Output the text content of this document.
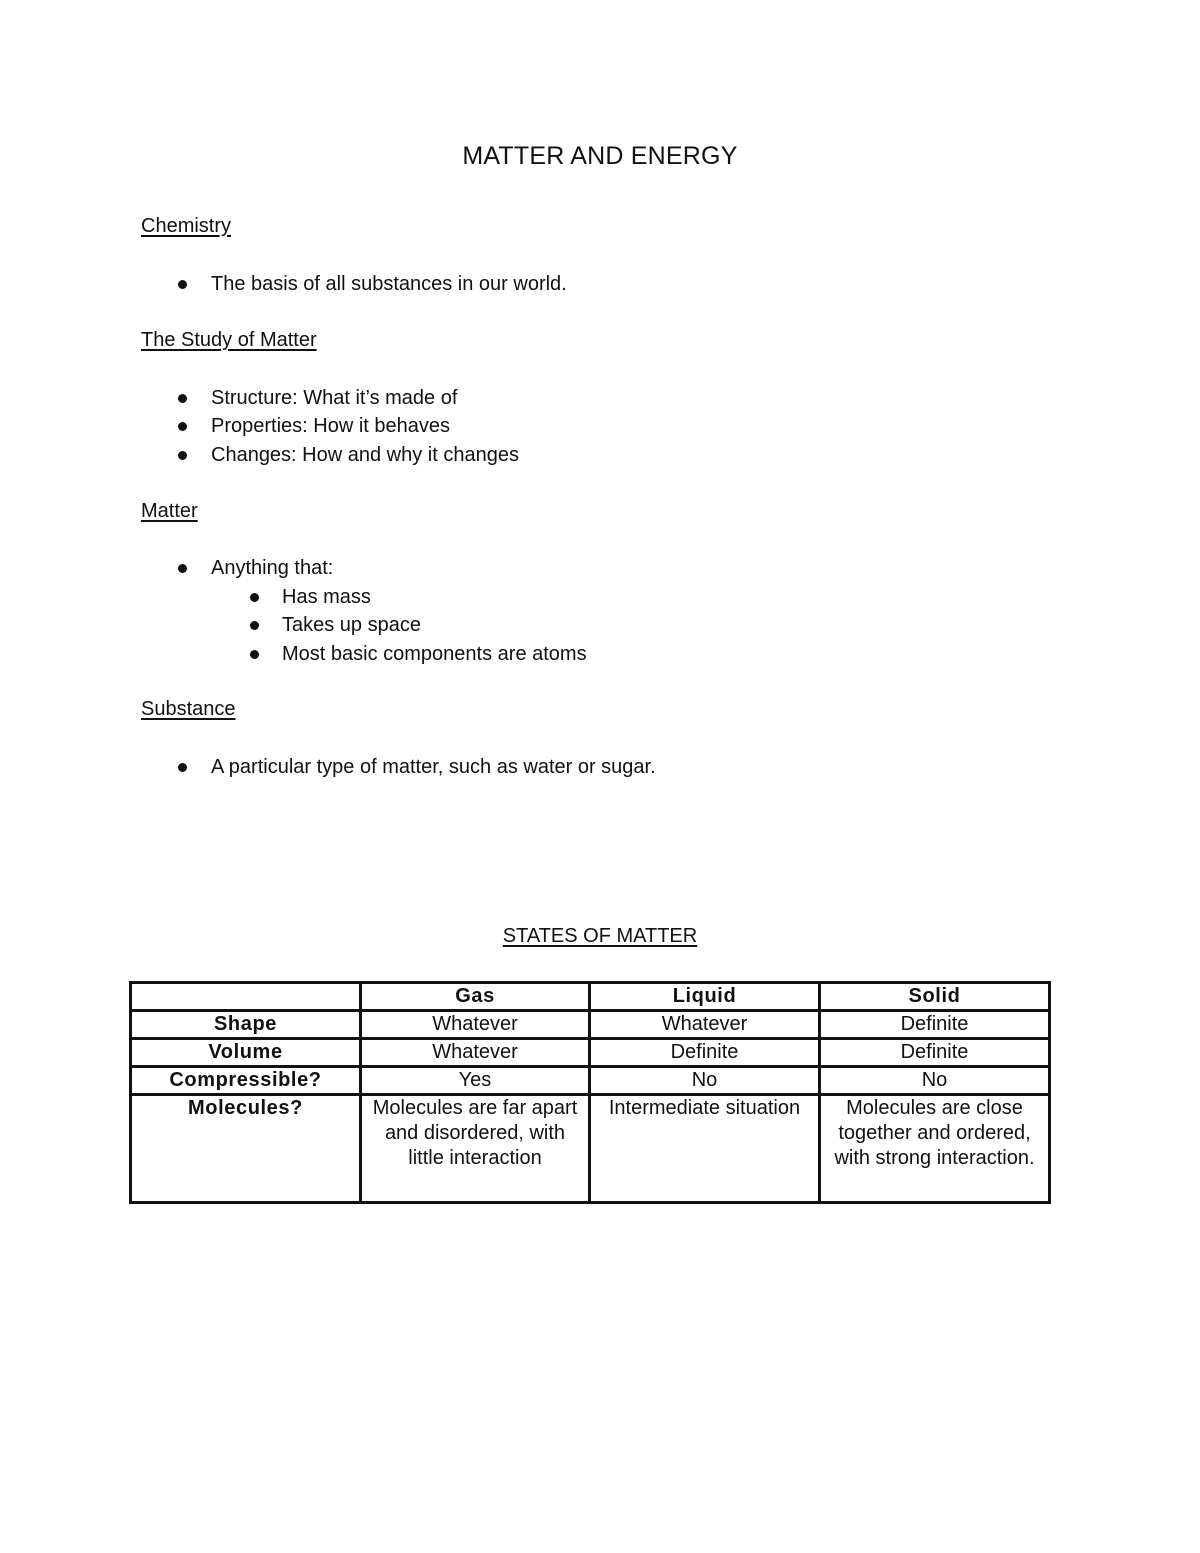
MATTER AND ENERGY
Chemistry
The basis of all substances in our world.
The Study of Matter
Structure: What it’s made of
Properties: How it behaves
Changes: How and why it changes
Matter
Anything that:
Has mass
Takes up space
Most basic components are atoms
Substance
A particular type of matter, such as water or sugar.
STATES OF MATTER
	Gas	Liquid	Solid
Shape	Whatever	Whatever	Definite
Volume	Whatever	Definite	Definite
Compressible?	Yes	No	No
Molecules?	Molecules are far apart and disordered, with little interaction	Intermediate situation	Molecules are close together and ordered, with strong interaction.
